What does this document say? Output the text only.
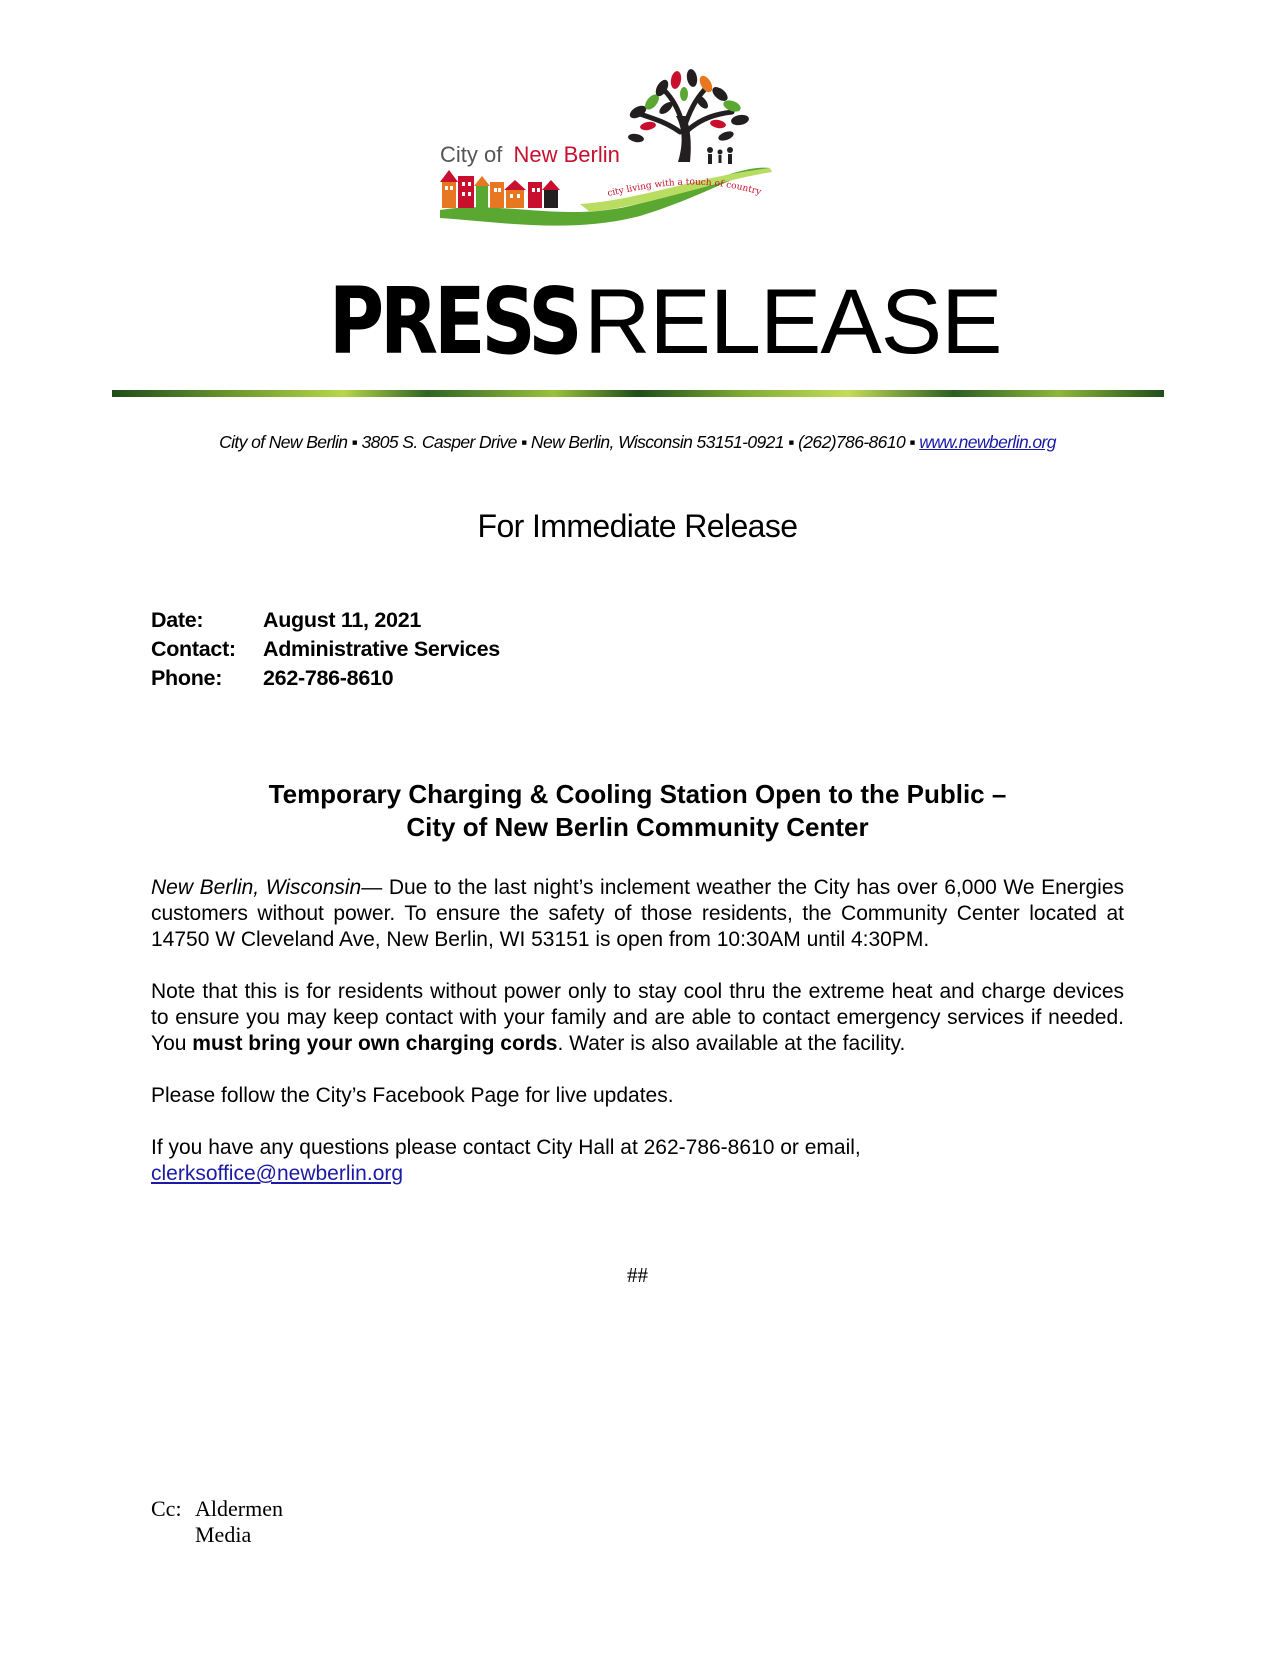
City of New Berlin
city living with a touch of country
PRESSRELEASE
City of New Berlin ▪ 3805 S. Casper Drive ▪ New Berlin, Wisconsin 53151-0921 ▪ (262)786-8610 ▪ www.newberlin.org
For Immediate Release
Date:	August 11, 2021
Contact: Administrative Services
Phone: 262-786-8610
Temporary Charging & Cooling Station Open to the Public –
City of New Berlin Community Center

New Berlin, Wisconsin— Due to the last night’s inclement weather the City has over 6,000 We Energies customers without power. To ensure the safety of those residents, the Community Center located at 14750 W Cleveland Ave, New Berlin, WI 53151 is open from 10:30AM until 4:30PM.

Note that this is for residents without power only to stay cool thru the extreme heat and charge devices to ensure you may keep contact with your family and are able to contact emergency services if needed. You must bring your own charging cords. Water is also available at the facility.

Please follow the City’s Facebook Page for live updates.

If you have any questions please contact City Hall at 262-786-8610 or email,
clerksoffice@newberlin.org

##
Cc: Aldermen
Media
